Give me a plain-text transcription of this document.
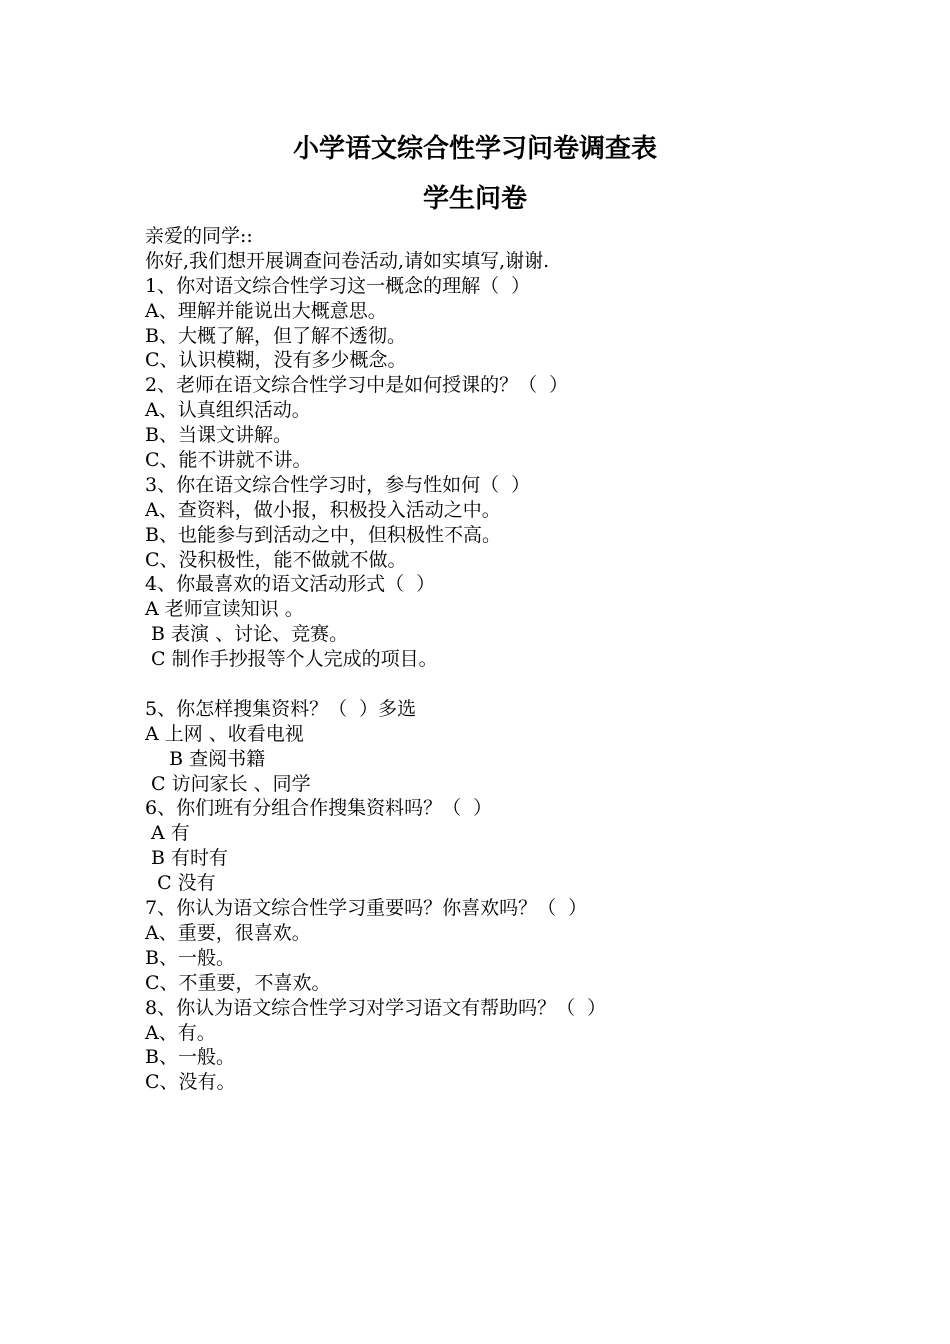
小学语文综合性学习问卷调查表
学生问卷

亲爱的同学::

你好,我们想开展调查问卷活动,请如实填写,谢谢.

1、你对语文综合性学习这一概念的理解（  ）

A、理解并能说出大概意思。

B、大概了解，但了解不透彻。

C、认识模糊，没有多少概念。

2、老师在语文综合性学习中是如何授课的？（  ）

A、认真组织活动。

B、当课文讲解。

C、能不讲就不讲。

3、你在语文综合性学习时，参与性如何（  ）

A、查资料，做小报，积极投入活动之中。

B、也能参与到活动之中，但积极性不高。

C、没积极性，能不做就不做。

4、你最喜欢的语文活动形式（  ）

A 老师宣读知识 。

B 表演 、讨论、竞赛。

C 制作手抄报等个人完成的项目。

5、你怎样搜集资料？（  ）多选

A 上网 、收看电视

B 查阅书籍

C 访问家长 、同学

6、你们班有分组合作搜集资料吗？（  ）

A 有

B 有时有

C 没有

7、你认为语文综合性学习重要吗？你喜欢吗？（  ）

A、重要，很喜欢。

B、一般。

C、不重要，不喜欢。

8、你认为语文综合性学习对学习语文有帮助吗？（  ）

A、有。

B、一般。

C、没有。
